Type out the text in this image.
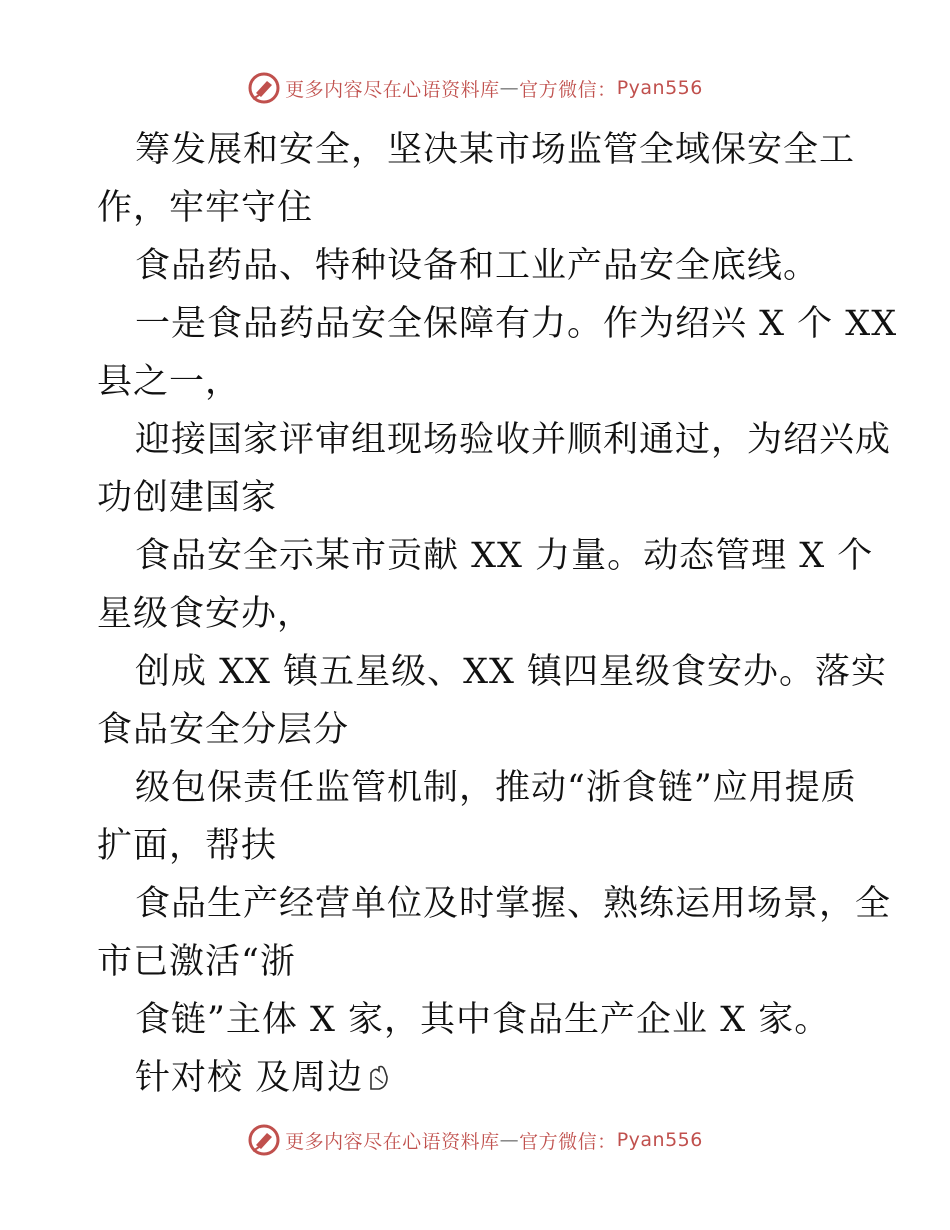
更多内容尽在心语资料库 — 官方微信： Pyan556
筹发展和安全，坚决某市场监管全域保安全工
作，牢牢守住
食品药品、特种设备和工业产品安全底线。
一是食品药品安全保障有力。作为绍兴 X 个 XX
县之一，
迎接国家评审组现场验收并顺利通过，为绍兴成
功创建国家
食品安全示某市贡献 XX 力量。动态管理 X 个
星级食安办，
创成 XX 镇五星级、XX 镇四星级食安办。落实
食品安全分层分
级包保责任监管机制，推动“浙食链”应用提质
扩面，帮扶
食品生产经营单位及时掌握、熟练运用场景，全
市已激活“浙
食链”主体 X 家，其中食品生产企业 X 家。
针对校 及周边
更多内容尽在心语资料库 — 官方微信： Pyan556
